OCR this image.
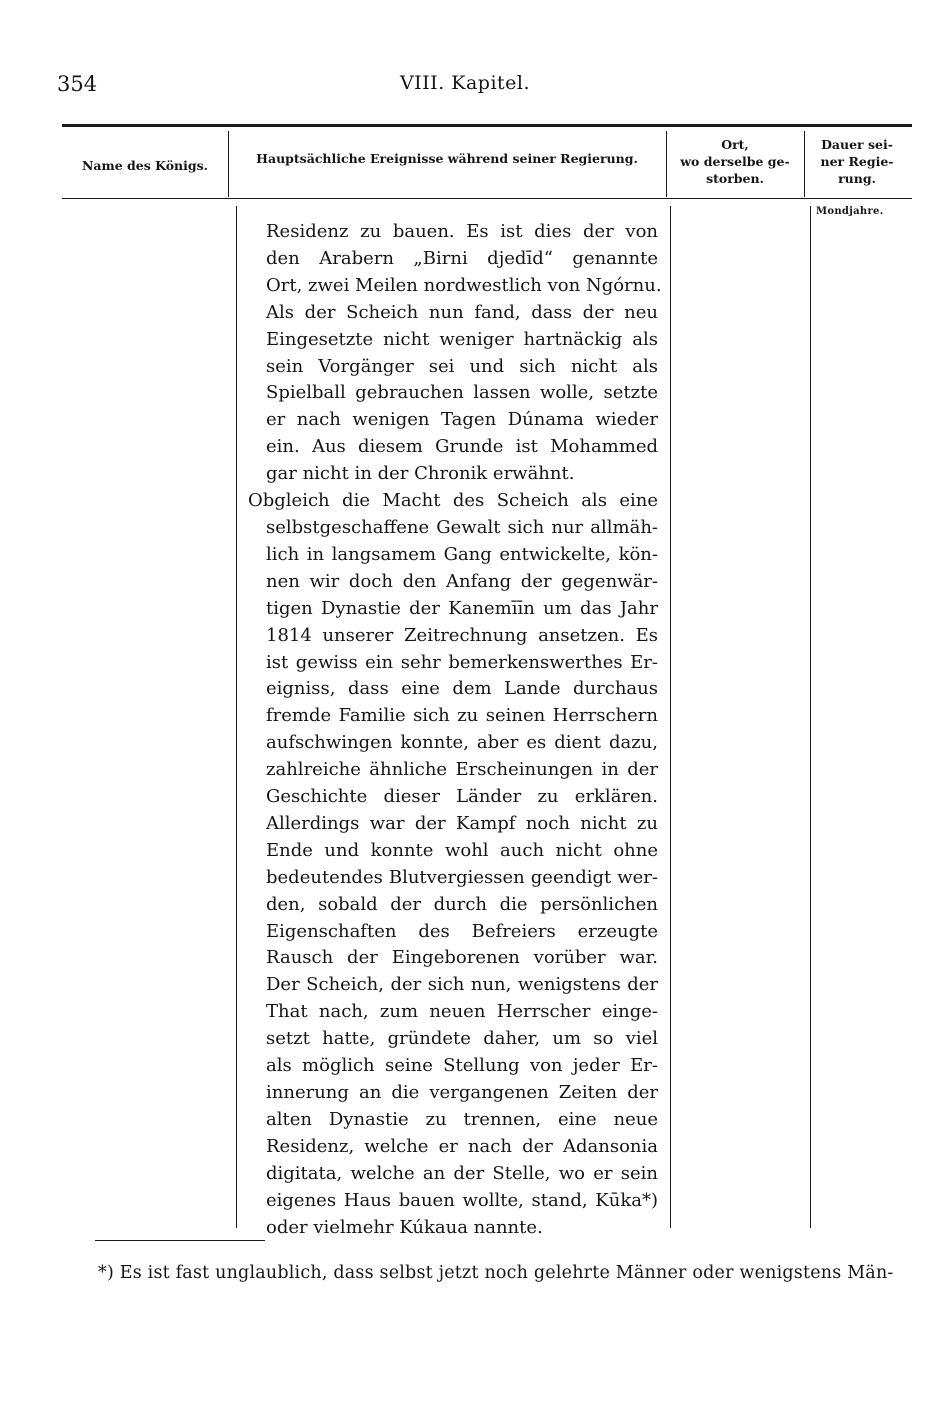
354	VIII. Kapitel.
Name des Königs.	Hauptsächliche Ereignisse während seiner Regierung.
Ort,
wo derselbe ge-
storben.
Dauer sei-
ner Regie-
rung.
Mondjahre.
Residenz zu bauen. Es ist dies der von
den Arabern „Birni djedīd“ genannte
Ort, zwei Meilen nordwestlich von Ngórnu.
Als der Scheich nun fand, dass der neu
Eingesetzte nicht weniger hartnäckig als
sein Vorgänger sei und sich nicht als
Spielball gebrauchen lassen wolle, setzte
er nach wenigen Tagen Dúnama wieder
ein. Aus diesem Grunde ist Mohammed
gar nicht in der Chronik erwähnt.
Obgleich die Macht des Scheich als eine
selbstgeschaffene Gewalt sich nur allmäh-
lich in langsamem Gang entwickelte, kön-
nen wir doch den Anfang der gegenwär-
tigen Dynastie der Kanemīīn um das Jahr
1814 unserer Zeitrechnung ansetzen. Es
ist gewiss ein sehr bemerkenswerthes Er-
eigniss, dass eine dem Lande durchaus
fremde Familie sich zu seinen Herrschern
aufschwingen konnte, aber es dient dazu,
zahlreiche ähnliche Erscheinungen in der
Geschichte dieser Länder zu erklären.
Allerdings war der Kampf noch nicht zu
Ende und konnte wohl auch nicht ohne
bedeutendes Blutvergiessen geendigt wer-
den, sobald der durch die persönlichen
Eigenschaften des Befreiers erzeugte
Rausch der Eingeborenen vorüber war.
Der Scheich, der sich nun, wenigstens der
That nach, zum neuen Herrscher einge-
setzt hatte, gründete daher, um so viel
als möglich seine Stellung von jeder Er-
innerung an die vergangenen Zeiten der
alten Dynastie zu trennen, eine neue
Residenz, welche er nach der Adansonia
digitata, welche an der Stelle, wo er sein
eigenes Haus bauen wollte, stand, Kūka*)
oder vielmehr Kúkaua nannte.
*) Es ist fast unglaublich, dass selbst jetzt noch gelehrte Männer oder wenigstens Män-
